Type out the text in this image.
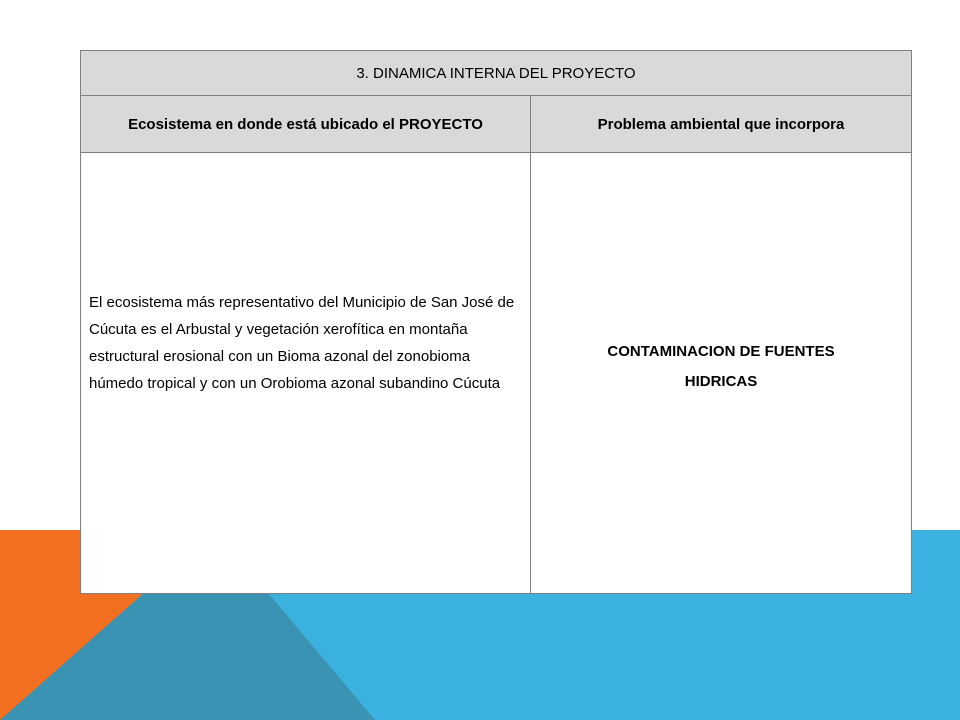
3. DINAMICA INTERNA DEL PROYECTO	
Ecosistema en donde está ubicado el PROYECTO	Problema ambiental que incorpora
El ecosistema más representativo del Municipio de San José de Cúcuta es el Arbustal y vegetación xerofítica en montaña estructural erosional con un Bioma azonal del zonobioma húmedo tropical y con un Orobioma azonal subandino Cúcuta	CONTAMINACION DE FUENTES HIDRICAS
